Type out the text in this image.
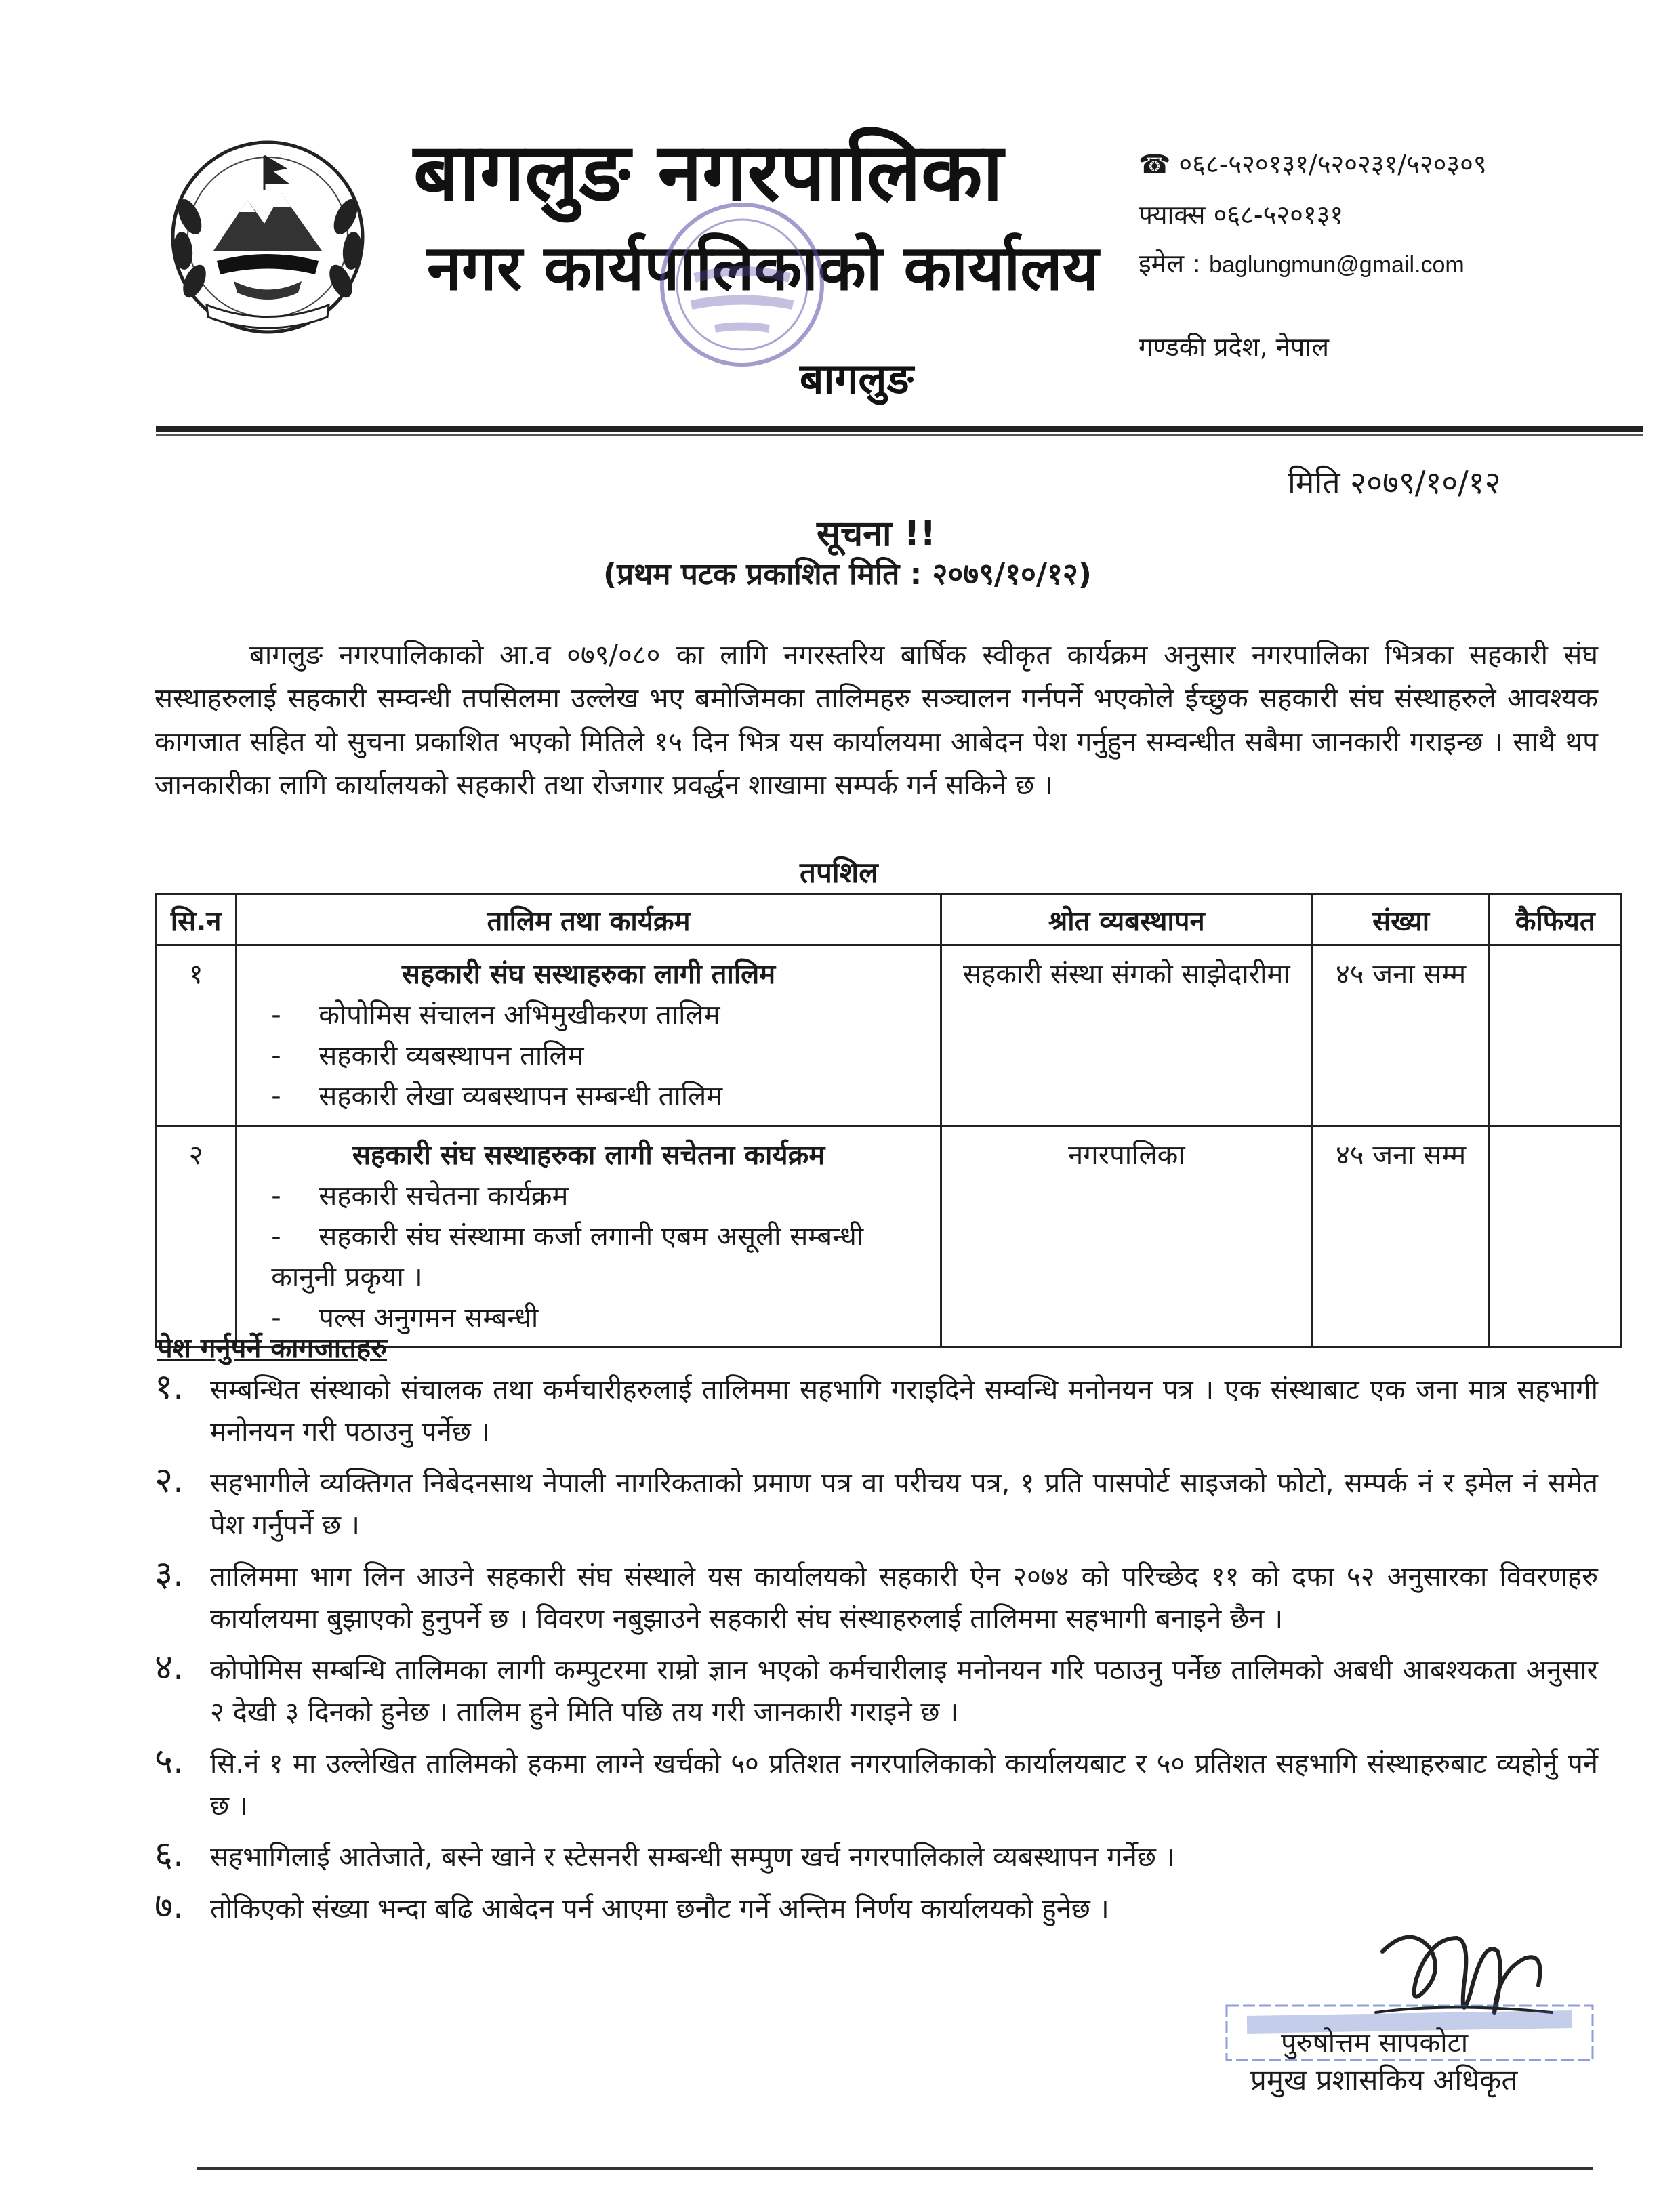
बागलुङ नगरपालिका
नगर कार्यपालिकाको कार्यालय
बागलुङ
☎ ०६८-५२०१३१/५२०२३१/५२०३०९
फ्याक्स ०६८-५२०१३१
इमेल : baglungmun@gmail.com
गण्डकी प्रदेश, नेपाल
मिति २०७९/१०/१२
सूचना !!
(प्रथम पटक प्रकाशित मिति : २०७९/१०/१२)
बागलुङ नगरपालिकाको आ.व ०७९/०८० का लागि नगरस्तरिय बार्षिक स्वीकृत कार्यक्रम अनुसार नगरपालिका भित्रका सहकारी संघ सस्थाहरुलाई सहकारी सम्वन्धी तपसिलमा उल्लेख भए बमोजिमका तालिमहरु सञ्चालन गर्नपर्ने भएकोले ईच्छुक सहकारी संघ संस्थाहरुले आवश्यक कागजात सहित यो सुचना प्रकाशित भएको मितिले १५ दिन भित्र यस कार्यालयमा आबेदन पेश गर्नुहुन सम्वन्धीत सबैमा जानकारी गराइन्छ । साथै थप जानकारीका लागि कार्यालयको सहकारी तथा रोजगार प्रवर्द्धन शाखामा सम्पर्क गर्न सकिने छ ।
तपशिल
सि.न	तालिम तथा कार्यक्रम	श्रोत व्यबस्थापन	संख्या	कैफियत
१	सहकारी संघ सस्थाहरुका लागी तालिम
- कोपोमिस संचालन अभिमुखीकरण तालिम
- सहकारी व्यबस्थापन तालिम
- सहकारी लेखा व्यबस्थापन सम्बन्धी तालिम	सहकारी संस्था संगको साझेदारीमा	४५ जना सम्म	
२	सहकारी संघ सस्थाहरुका लागी सचेतना कार्यक्रम
- सहकारी सचेतना कार्यक्रम
- सहकारी संघ संस्थामा कर्जा लगानी एबम असूली सम्बन्धी कानुनी प्रकृया ।
- पल्स अनुगमन सम्बन्धी	नगरपालिका	४५ जना सम्म	
पेश गर्नुपर्ने कागजातहरु
१. सम्बन्धित संस्थाको संचालक तथा कर्मचारीहरुलाई तालिममा सहभागि गराइदिने सम्वन्धि मनोनयन पत्र । एक संस्थाबाट एक जना मात्र सहभागी मनोनयन गरी पठाउनु पर्नेछ ।
२. सहभागीले व्यक्तिगत निबेदनसाथ नेपाली नागरिकताको प्रमाण पत्र वा परीचय पत्र, १ प्रति पासपोर्ट साइजको फोटो, सम्पर्क नं र इमेल नं समेत पेश गर्नुपर्ने छ ।
३. तालिममा भाग लिन आउने सहकारी संघ संस्थाले यस कार्यालयको सहकारी ऐन २०७४ को परिच्छेद ११ को दफा ५२ अनुसारका विवरणहरु कार्यालयमा बुझाएको हुनुपर्ने छ । विवरण नबुझाउने सहकारी संघ संस्थाहरुलाई तालिममा सहभागी बनाइने छैन ।
४. कोपोमिस सम्बन्धि तालिमका लागी कम्पुटरमा राम्रो ज्ञान भएको कर्मचारीलाइ मनोनयन गरि पठाउनु पर्नेछ तालिमको अबधी आबश्यकता अनुसार २ देखी ३ दिनको हुनेछ । तालिम हुने मिति पछि तय गरी जानकारी गराइने छ ।
५. सि.नं १ मा उल्लेखित तालिमको हकमा लाग्ने खर्चको ५० प्रतिशत नगरपालिकाको कार्यालयबाट र ५० प्रतिशत सहभागि संस्थाहरुबाट व्यहोर्नु पर्ने छ ।
६. सहभागिलाई आतेजाते, बस्ने खाने र स्टेसनरी सम्बन्धी सम्पुण खर्च नगरपालिकाले व्यबस्थापन गर्नेछ ।
७. तोकिएको संख्या भन्दा बढि आबेदन पर्न आएमा छनौट गर्ने अन्तिम निर्णय कार्यालयको हुनेछ ।
पुरुषोत्तम सापकोटा
प्रमुख प्रशासकिय अधिकृत
